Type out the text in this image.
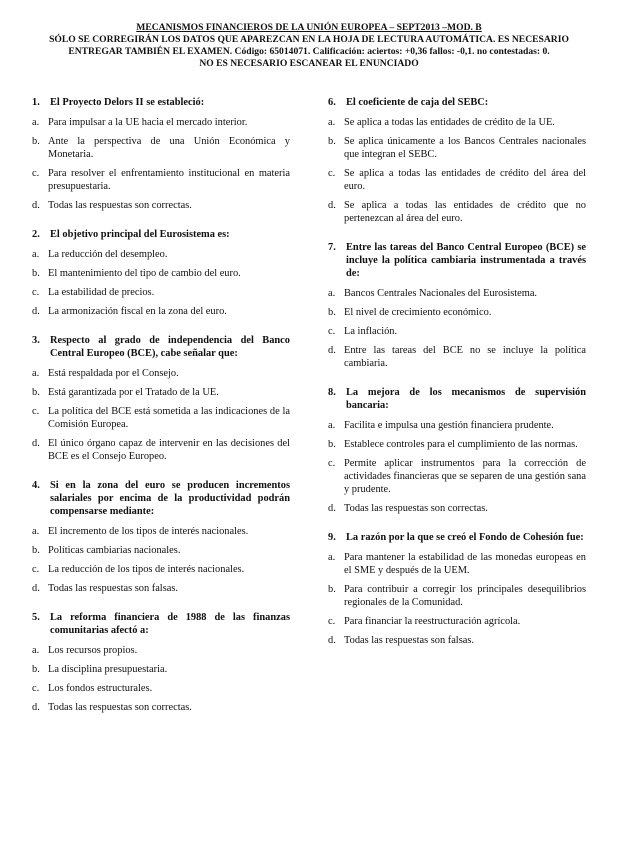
MECANISMOS FINANCIEROS DE LA UNIÓN EUROPEA – SEPT2013 –MOD. B
SÓLO SE CORREGIRÁN LOS DATOS QUE APAREZCAN EN LA HOJA DE LECTURA AUTOMÁTICA. ES NECESARIO
ENTREGAR TAMBIÉN EL EXAMEN. Código: 65014071. Calificación: aciertos: +0,36 fallos: -0,1. no contestadas: 0.
NO ES NECESARIO ESCANEAR EL ENUNCIADO
1. El Proyecto Delors II se estableció:
a. Para impulsar a la UE hacia el mercado interior.
b. Ante la perspectiva de una Unión Económica y Monetaria.
c. Para resolver el enfrentamiento institucional en materia presupuestaria.
d. Todas las respuestas son correctas.
2. El objetivo principal del Eurosistema es:
a. La reducción del desempleo.
b. El mantenimiento del tipo de cambio del euro.
c. La estabilidad de precios.
d. La armonización fiscal en la zona del euro.
3. Respecto al grado de independencia del Banco Central Europeo (BCE), cabe señalar que:
a. Está respaldada por el Consejo.
b. Está garantizada por el Tratado de la UE.
c. La política del BCE está sometida a las indicaciones de la Comisión Europea.
d. El único órgano capaz de intervenir en las decisiones del BCE es el Consejo Europeo.
4. Si en la zona del euro se producen incrementos salariales por encima de la productividad podrán compensarse mediante:
a. El incremento de los tipos de interés nacionales.
b. Políticas cambiarias nacionales.
c. La reducción de los tipos de interés nacionales.
d. Todas las respuestas son falsas.
5. La reforma financiera de 1988 de las finanzas comunitarias afectó a:
a. Los recursos propios.
b. La disciplina presupuestaria.
c. Los fondos estructurales.
d. Todas las respuestas son correctas.
6. El coeficiente de caja del SEBC:
a. Se aplica a todas las entidades de crédito de la UE.
b. Se aplica únicamente a los Bancos Centrales nacionales que integran el SEBC.
c. Se aplica a todas las entidades de crédito del área del euro.
d. Se aplica a todas las entidades de crédito que no pertenezcan al área del euro.
7. Entre las tareas del Banco Central Europeo (BCE) se incluye la política cambiaria instrumentada a través de:
a. Bancos Centrales Nacionales del Eurosistema.
b. El nivel de crecimiento económico.
c. La inflación.
d. Entre las tareas del BCE no se incluye la política cambiaria.
8. La mejora de los mecanismos de supervisión bancaria:
a. Facilita e impulsa una gestión financiera prudente.
b. Establece controles para el cumplimiento de las normas.
c. Permite aplicar instrumentos para la corrección de actividades financieras que se separen de una gestión sana y prudente.
d. Todas las respuestas son correctas.
9. La razón por la que se creó el Fondo de Cohesión fue:
a. Para mantener la estabilidad de las monedas europeas en el SME y después de la UEM.
b. Para contribuir a corregir los principales desequilibrios regionales de la Comunidad.
c. Para financiar la reestructuración agrícola.
d. Todas las respuestas son falsas.
